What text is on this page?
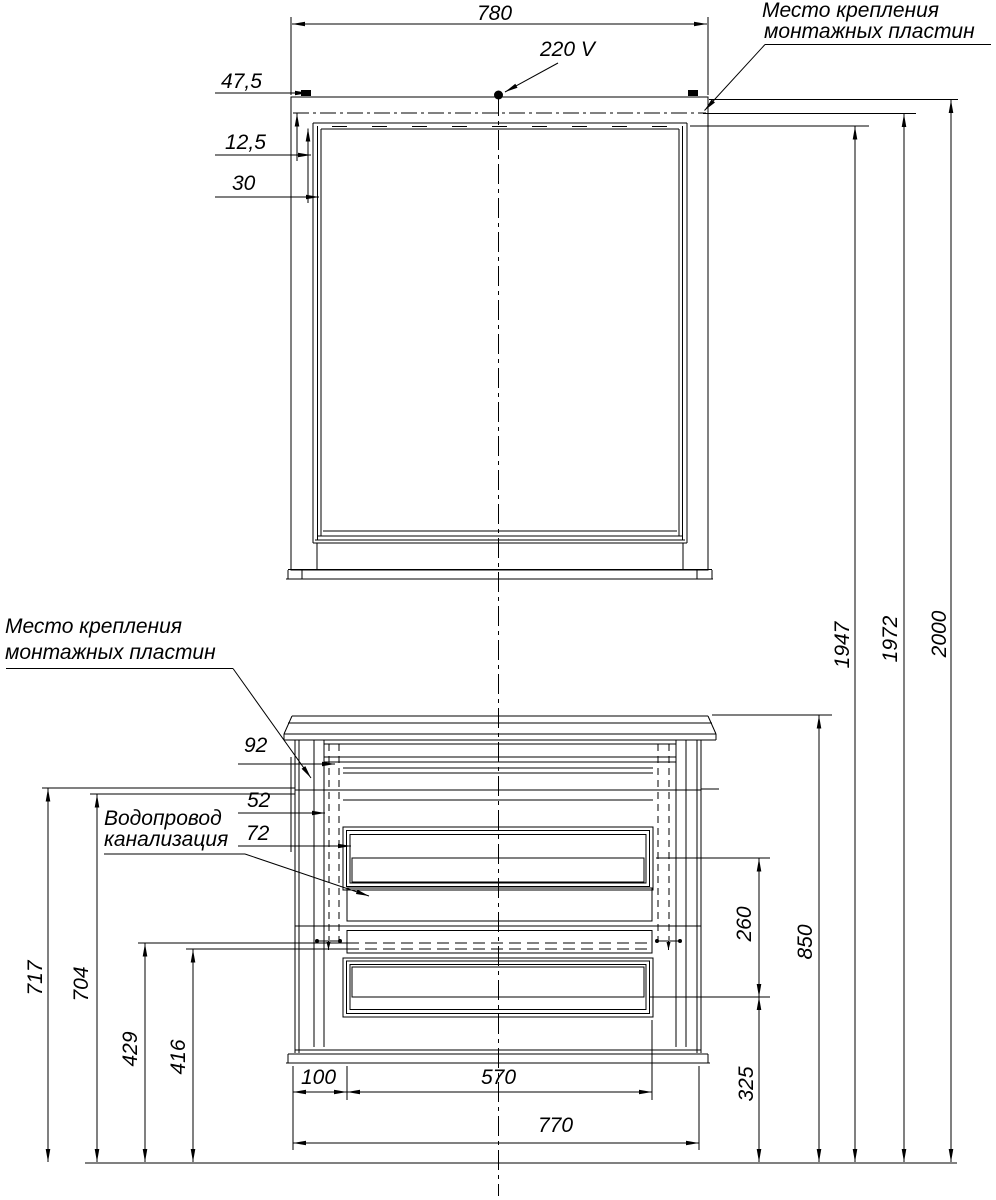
780
220 V
Место крепления
монтажных пластин
47,5
12,5
30
Место крепления
монтажных пластин
92
52
72
Водопровод
канализация
100	570
770
717 704
429 416
260
325
850
1947 1972 2000
